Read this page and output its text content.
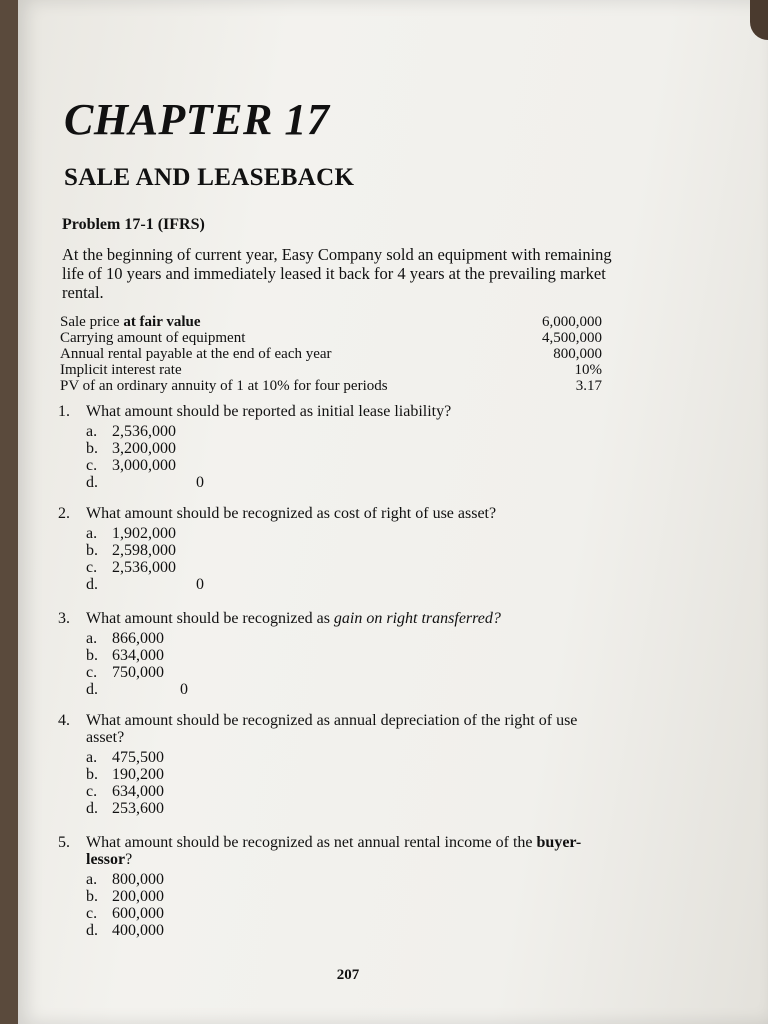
CHAPTER 17
SALE AND LEASEBACK
Problem 17-1 (IFRS)

At the beginning of current year, Easy Company sold an equipment with remaining life of 10 years and immediately leased it back for 4 years at the prevailing market rental.

Sale price at fair value	6,000,000
Carrying amount of equipment	4,500,000
Annual rental payable at the end of each year	800,000
Implicit interest rate	10%
PV of an ordinary annuity of 1 at 10% for four periods	3.17
1.	What amount should be reported as initial lease liability?
a. 2,536,000
b. 3,200,000
c. 3,000,000
d.	0
2.	What amount should be recognized as cost of right of use asset?
a. 1,902,000
b. 2,598,000
c. 2,536,000
d.	0
3.	What amount should be recognized as gain on right transferred?
a. 866,000
b. 634,000
c. 750,000
d.	0
4.	What amount should be recognized as annual depreciation of the right of use asset?
a. 475,500
b. 190,200
c. 634,000
d. 253,600
5.	What amount should be recognized as net annual rental income of the buyer-lessor?
a. 800,000
b. 200,000
c. 600,000
d. 400,000
207
